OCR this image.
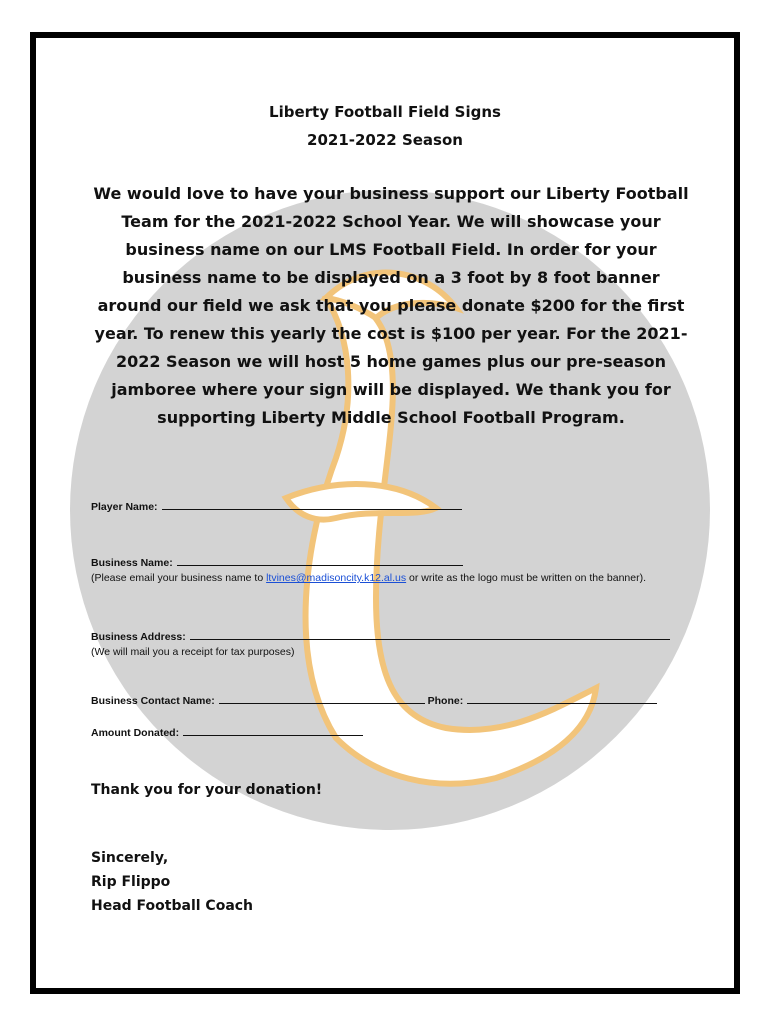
Liberty Football Field Signs
2021-2022 Season

We would love to have your business support our Liberty Football Team for the 2021-2022 School Year. We will showcase your business name on our LMS Football Field. In order for your business name to be displayed on a 3 foot by 8 foot banner around our field we ask that you please donate $200 for the first year. To renew this yearly the cost is $100 per year. For the 2021-2022 Season we will host 5 home games plus our pre-season jamboree where your sign will be displayed. We thank you for supporting Liberty Middle School Football Program.

Player Name:
Business Name:
(Please email your business name to ltvines@madisoncity.k12.al.us or write as the logo must be written on the banner).
Business Address:
(We will mail you a receipt for tax purposes)
Business Contact Name:	Phone:
Amount Donated:
Thank you for your donation!
Sincerely,
Rip Flippo
Head Football Coach
